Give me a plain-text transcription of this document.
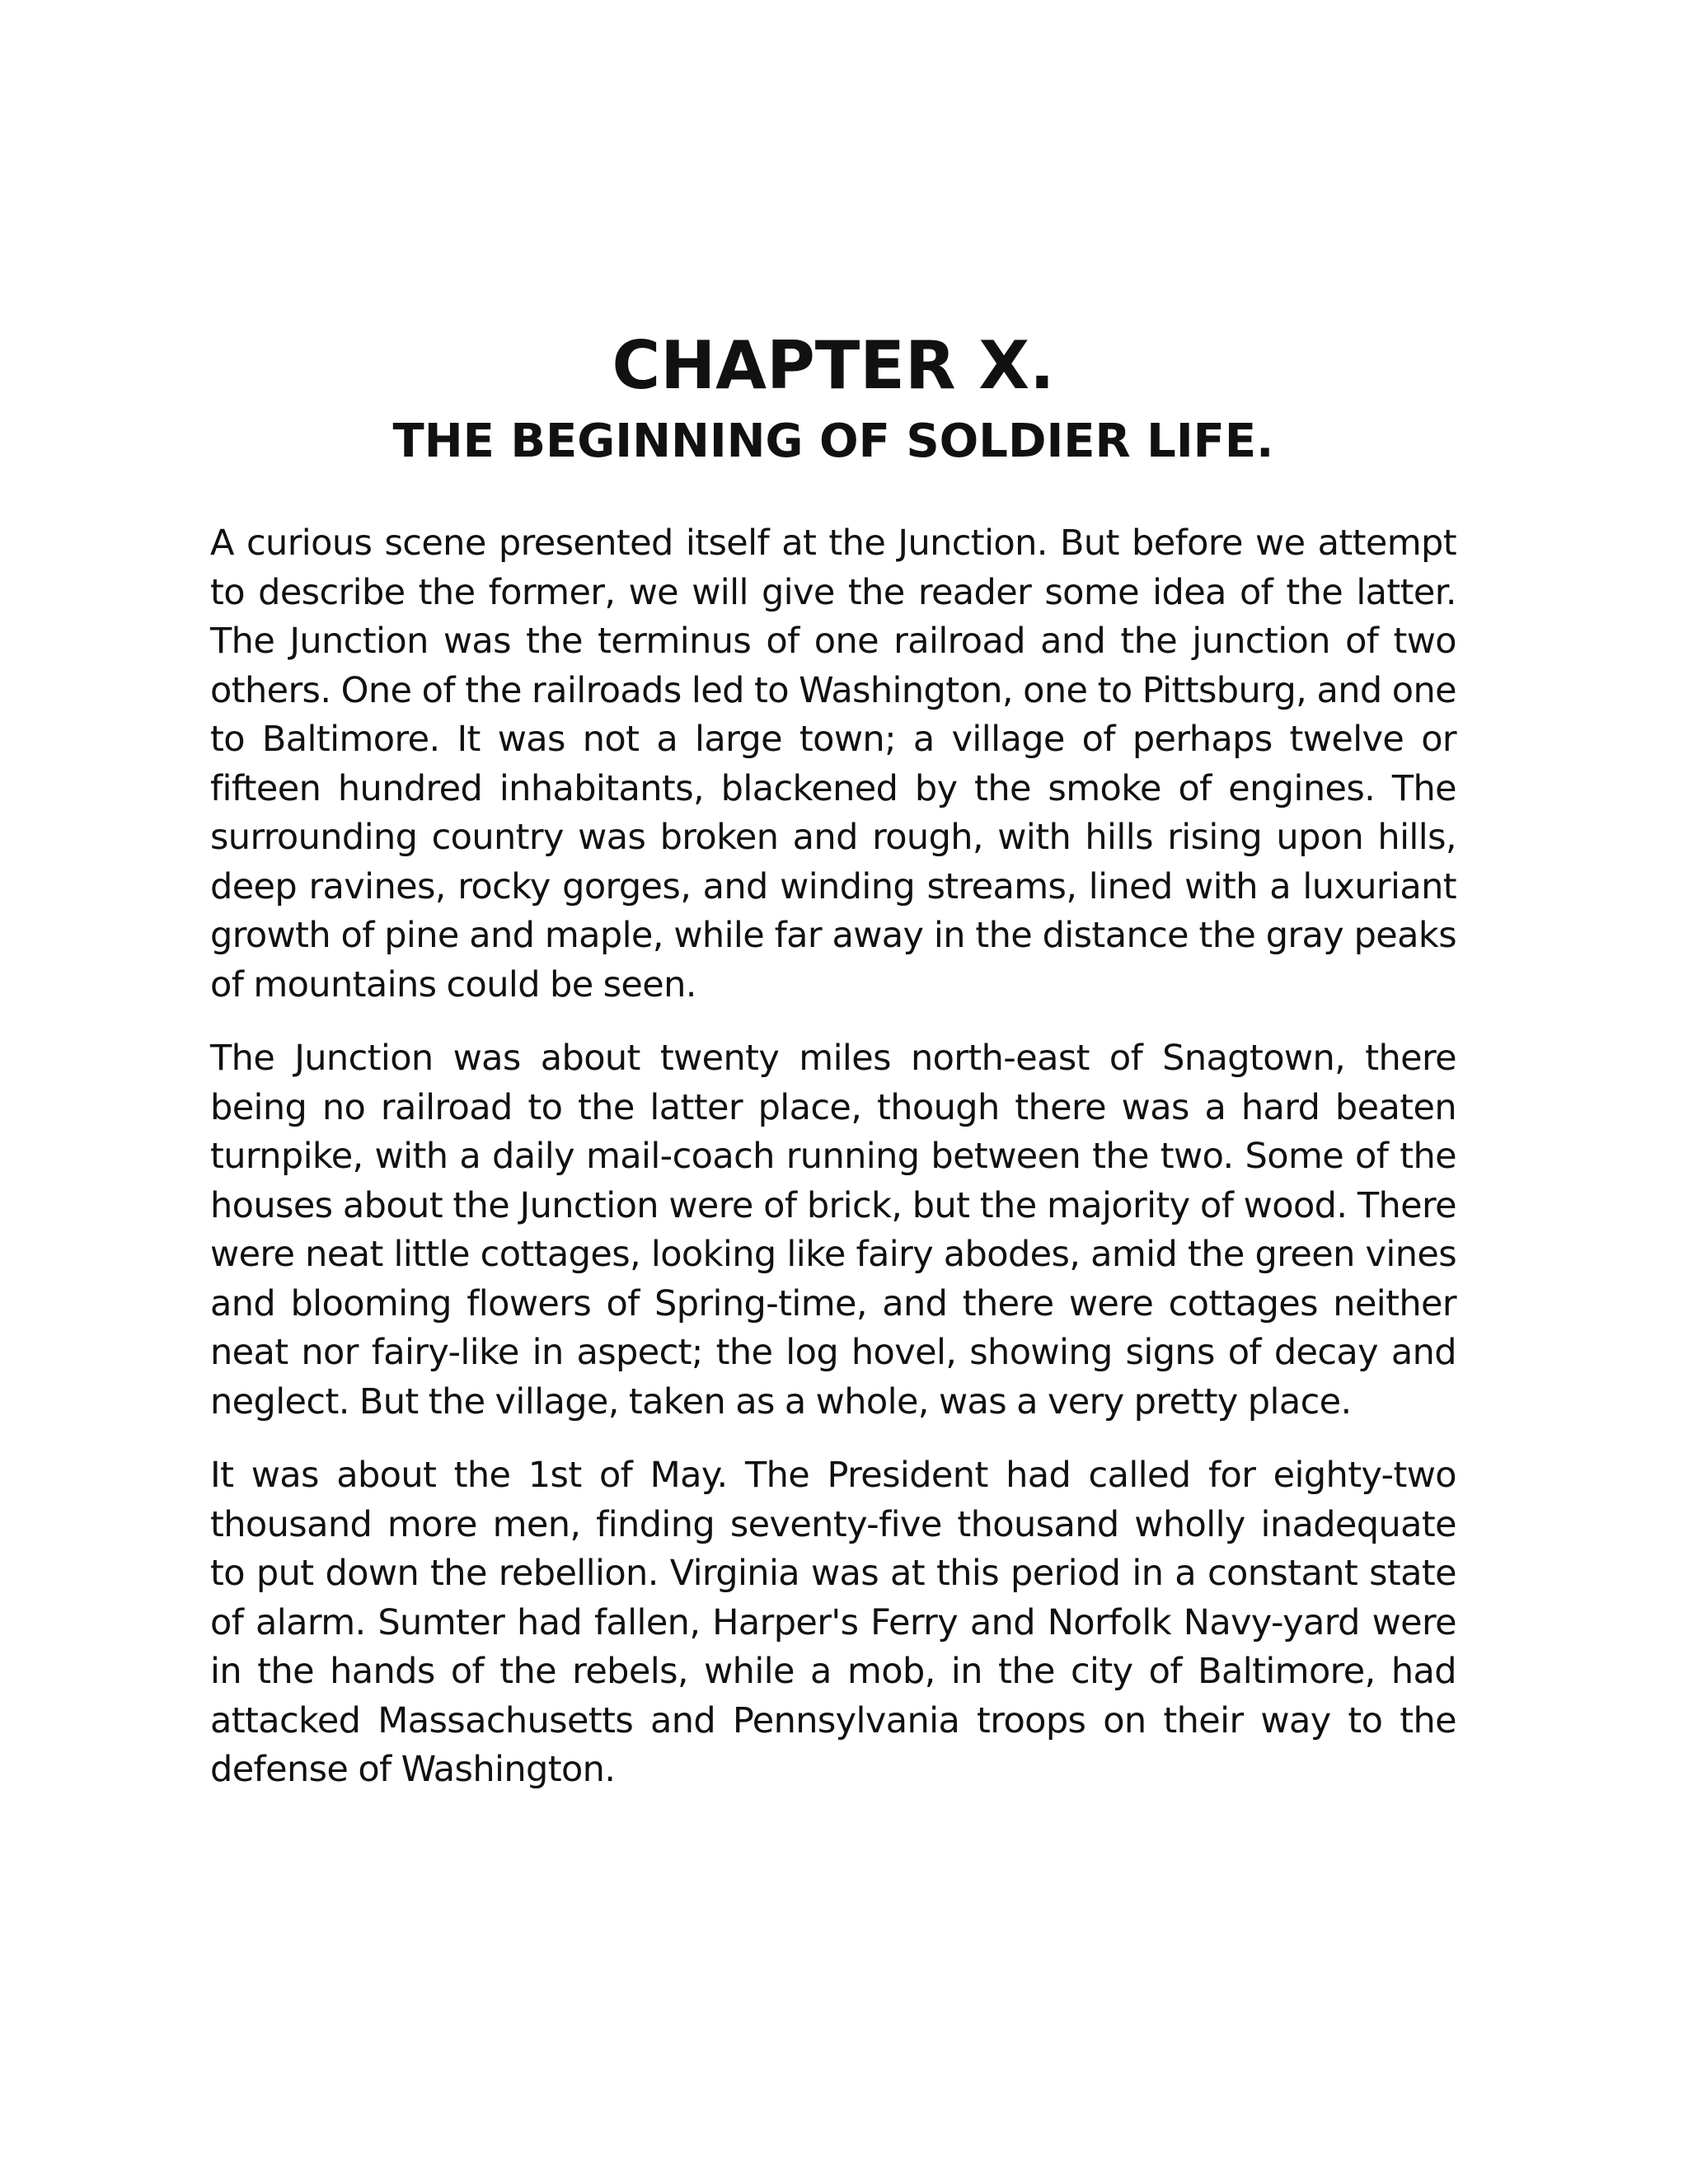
CHAPTER X.
THE BEGINNING OF SOLDIER LIFE.

A curious scene presented itself at the Junction. But before we attempt to describe the former, we will give the reader some idea of the latter. The Junction was the terminus of one railroad and the junction of two others. One of the railroads led to Washington, one to Pittsburg, and one to Baltimore. It was not a large town; a village of perhaps twelve or fifteen hundred inhabitants, blackened by the smoke of engines. The surrounding country was broken and rough, with hills rising upon hills, deep ravines, rocky gorges, and winding streams, lined with a luxuriant growth of pine and maple, while far away in the distance the gray peaks of mountains could be seen.

The Junction was about twenty miles north-east of Snagtown, there being no railroad to the latter place, though there was a hard beaten turnpike, with a daily mail-coach running between the two. Some of the houses about the Junction were of brick, but the majority of wood. There were neat little cottages, looking like fairy abodes, amid the green vines and blooming flowers of Spring-time, and there were cottages neither neat nor fairy-like in aspect; the log hovel, showing signs of decay and neglect. But the village, taken as a whole, was a very pretty place.

It was about the 1st of May. The President had called for eighty-two thousand more men, finding seventy-five thousand wholly inadequate to put down the rebellion. Virginia was at this period in a constant state of alarm. Sumter had fallen, Harper's Ferry and Norfolk Navy-yard were in the hands of the rebels, while a mob, in the city of Baltimore, had attacked Massachusetts and Pennsylvania troops on their way to the defense of Washington.
